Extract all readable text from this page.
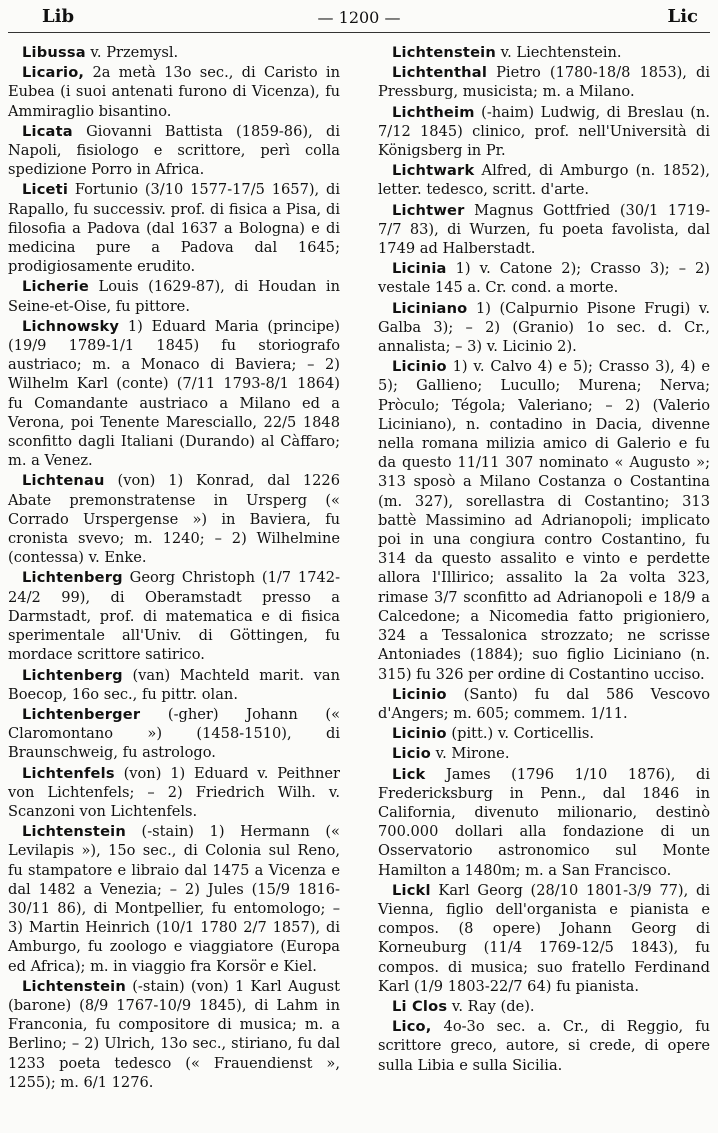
Lib	— 1200 —	Lic

Libussa v. Przemysl.

Licario, 2a metà 13o sec., di Caristo in Eubea (i suoi antenati furono di Vicenza), fu Ammiraglio bisantino.

Licata Giovanni Battista (1859-86), di Napoli, fisiologo e scrittore, perì colla spedizione Porro in Africa.

Liceti Fortunio (3/10 1577-17/5 1657), di Rapallo, fu successiv. prof. di fisica a Pisa, di filosofia a Padova (dal 1637 a Bologna) e di medicina pure a Padova dal 1645; prodigiosamente erudito.

Licherie Louis (1629-87), di Houdan in Seine-et-Oise, fu pittore.

Lichnowsky 1) Eduard Maria (principe) (19/9 1789-1/1 1845) fu storiografo austriaco; m. a Monaco di Baviera; – 2) Wilhelm Karl (conte) (7/11 1793-8/1 1864) fu Comandante austriaco a Milano ed a Verona, poi Tenente Maresciallo, 22/5 1848 sconfitto dagli Italiani (Durando) al Càffaro; m. a Venez.

Lichtenau (von) 1) Konrad, dal 1226 Abate premonstratense in Ursperg (« Corrado Urspergense ») in Baviera, fu cronista svevo; m. 1240; – 2) Wilhelmine (contessa) v. Enke.

Lichtenberg Georg Christoph (1/7 1742-24/2 99), di Oberamstadt presso a Darmstadt, prof. di matematica e di fisica sperimentale all'Univ. di Göttingen, fu mordace scrittore satirico.

Lichtenberg (van) Machteld marit. van Boecop, 16o sec., fu pittr. olan.

Lichtenberger (-gher) Johann (« Claromontano ») (1458-1510), di Braunschweig, fu astrologo.

Lichtenfels (von) 1) Eduard v. Peithner von Lichtenfels; – 2) Friedrich Wilh. v. Scanzoni von Lichtenfels.

Lichtenstein (-stain) 1) Hermann (« Levilapis »), 15o sec., di Colonia sul Reno, fu stampatore e libraio dal 1475 a Vicenza e dal 1482 a Venezia; – 2) Jules (15/9 1816-30/11 86), di Montpellier, fu entomologo; – 3) Martin Heinrich (10/1 1780 2/7 1857), di Amburgo, fu zoologo e viaggiatore (Europa ed Africa); m. in viaggio fra Korsör e Kiel.

Lichtenstein (-stain) (von) 1 Karl August (barone) (8/9 1767-10/9 1845), di Lahm in Franconia, fu compositore di musica; m. a Berlino; – 2) Ulrich, 13o sec., stiriano, fu dal 1233 poeta tedesco (« Frauendienst », 1255); m. 6/1 1276.

Lichtenstein v. Liechtenstein.

Lichtenthal Pietro (1780-18/8 1853), di Pressburg, musicista; m. a Milano.

Lichtheim (-haim) Ludwig, di Breslau (n. 7/12 1845) clinico, prof. nell'Università di Königsberg in Pr.

Lichtwark Alfred, di Amburgo (n. 1852), letter. tedesco, scritt. d'arte.

Lichtwer Magnus Gottfried (30/1 1719-7/7 83), di Wurzen, fu poeta favolista, dal 1749 ad Halberstadt.

Licinia 1) v. Catone 2); Crasso 3); – 2) vestale 145 a. Cr. cond. a morte.

Liciniano 1) (Calpurnio Pisone Frugi) v. Galba 3); – 2) (Granio) 1o sec. d. Cr., annalista; – 3) v. Licinio 2).

Licinio 1) v. Calvo 4) e 5); Crasso 3), 4) e 5); Gallieno; Lucullo; Murena; Nerva; Pròculo; Tégola; Valeriano; – 2) (Valerio Liciniano), n. contadino in Dacia, divenne nella romana milizia amico di Galerio e fu da questo 11/11 307 nominato « Augusto »; 313 sposò a Milano Costanza o Costantina (m. 327), sorellastra di Costantino; 313 battè Massimino ad Adrianopoli; implicato poi in una congiura contro Costantino, fu 314 da questo assalito e vinto e perdette allora l'Illirico; assalito la 2a volta 323, rimase 3/7 sconfitto ad Adrianopoli e 18/9 a Calcedone; a Nicomedia fatto prigioniero, 324 a Tessalonica strozzato; ne scrisse Antoniades (1884); suo figlio Liciniano (n. 315) fu 326 per ordine di Costantino ucciso.

Licinio (Santo) fu dal 586 Vescovo d'Angers; m. 605; commem. 1/11.

Licinio (pitt.) v. Corticellis.

Licio v. Mirone.

Lick James (1796 1/10 1876), di Fredericksburg in Penn., dal 1846 in California, divenuto milionario, destinò 700.000 dollari alla fondazione di un Osservatorio astronomico sul Monte Hamilton a 1480m; m. a San Francisco.

Lickl Karl Georg (28/10 1801-3/9 77), di Vienna, figlio dell'organista e pianista e compos. (8 opere) Johann Georg di Korneuburg (11/4 1769-12/5 1843), fu compos. di musica; suo fratello Ferdinand Karl (1/9 1803-22/7 64) fu pianista.

Li Clos v. Ray (de).

Lico, 4o-3o sec. a. Cr., di Reggio, fu scrittore greco, autore, si crede, di opere sulla Libia e sulla Sicilia.
